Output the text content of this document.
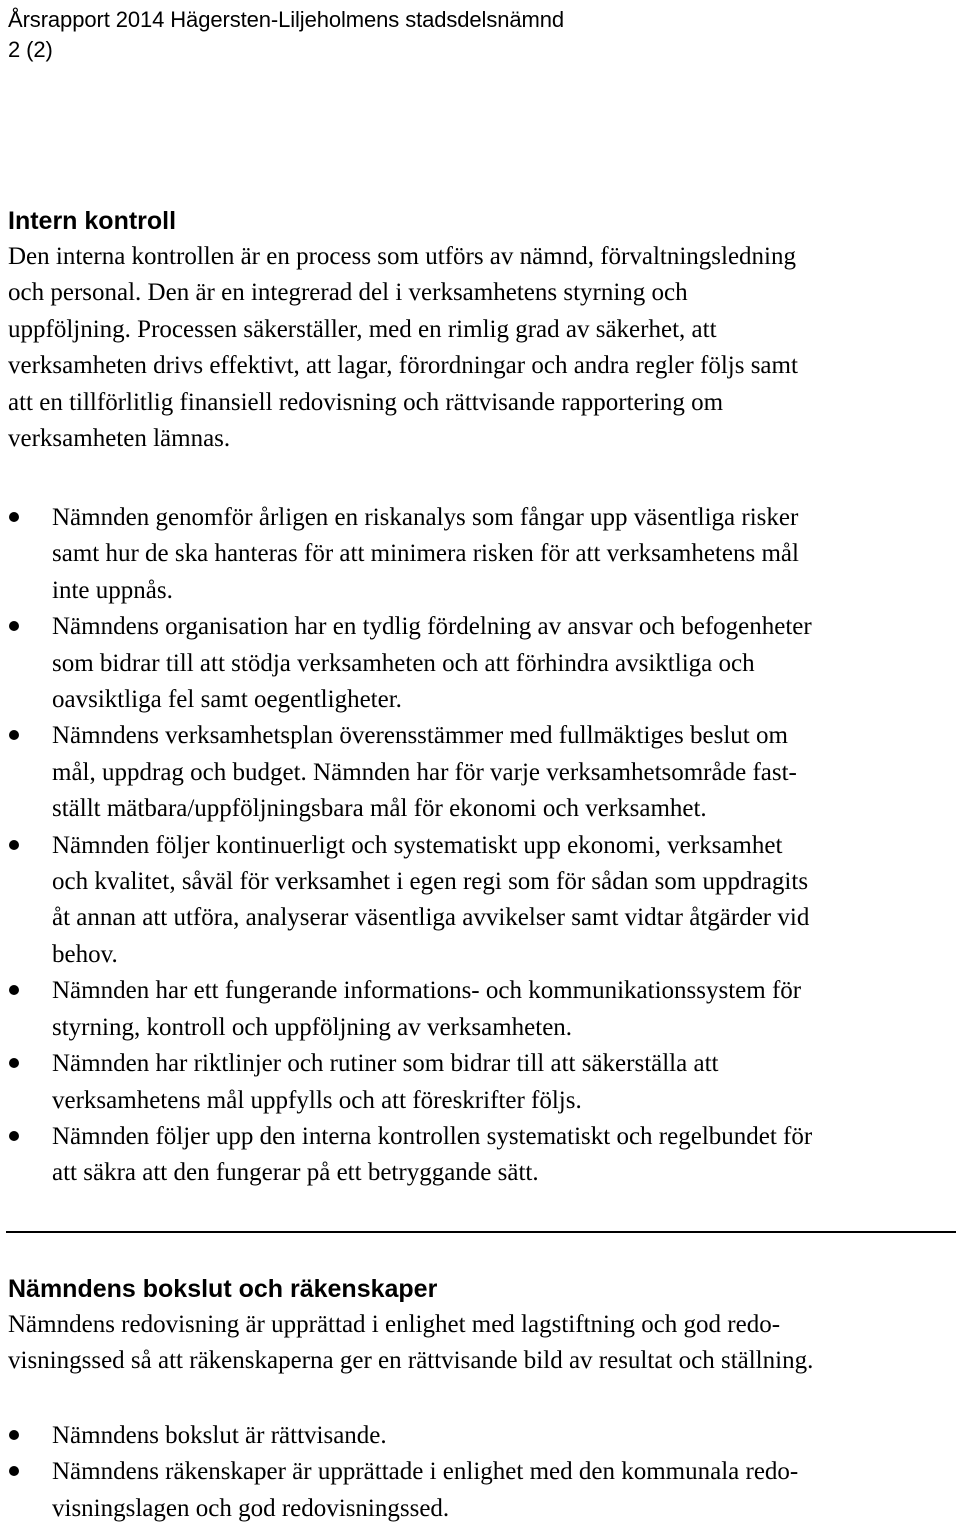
Årsrapport 2014 Hägersten-Liljeholmens stadsdelsnämnd
2 (2)
Intern kontroll
Den interna kontrollen är en process som utförs av nämnd, förvaltningsledning
och personal. Den är en integrerad del i verksamhetens styrning och
uppföljning. Processen säkerställer, med en rimlig grad av säkerhet, att
verksamheten drivs effektivt, att lagar, förordningar och andra regler följs samt
att en tillförlitlig finansiell redovisning och rättvisande rapportering om
verksamheten lämnas.
Nämnden genomför årligen en riskanalys som fångar upp väsentliga risker
samt hur de ska hanteras för att minimera risken för att verksamhetens mål
inte uppnås.
Nämndens organisation har en tydlig fördelning av ansvar och befogenheter
som bidrar till att stödja verksamheten och att förhindra avsiktliga och
oavsiktliga fel samt oegentligheter.
Nämndens verksamhetsplan överensstämmer med fullmäktiges beslut om
mål, uppdrag och budget. Nämnden har för varje verksamhetsområde fast-
ställt mätbara/uppföljningsbara mål för ekonomi och verksamhet.
Nämnden följer kontinuerligt och systematiskt upp ekonomi, verksamhet
och kvalitet, såväl för verksamhet i egen regi som för sådan som uppdragits
åt annan att utföra, analyserar väsentliga avvikelser samt vidtar åtgärder vid
behov.
Nämnden har ett fungerande informations- och kommunikationssystem för
styrning, kontroll och uppföljning av verksamheten.
Nämnden har riktlinjer och rutiner som bidrar till att säkerställa att
verksamhetens mål uppfylls och att föreskrifter följs.
Nämnden följer upp den interna kontrollen systematiskt och regelbundet för
att säkra att den fungerar på ett betryggande sätt.
Nämndens bokslut och räkenskaper
Nämndens redovisning är upprättad i enlighet med lagstiftning och god redo-
visningssed så att räkenskaperna ger en rättvisande bild av resultat och ställning.
Nämndens bokslut är rättvisande.
Nämndens räkenskaper är upprättade i enlighet med den kommunala redo-
visningslagen och god redovisningssed.
